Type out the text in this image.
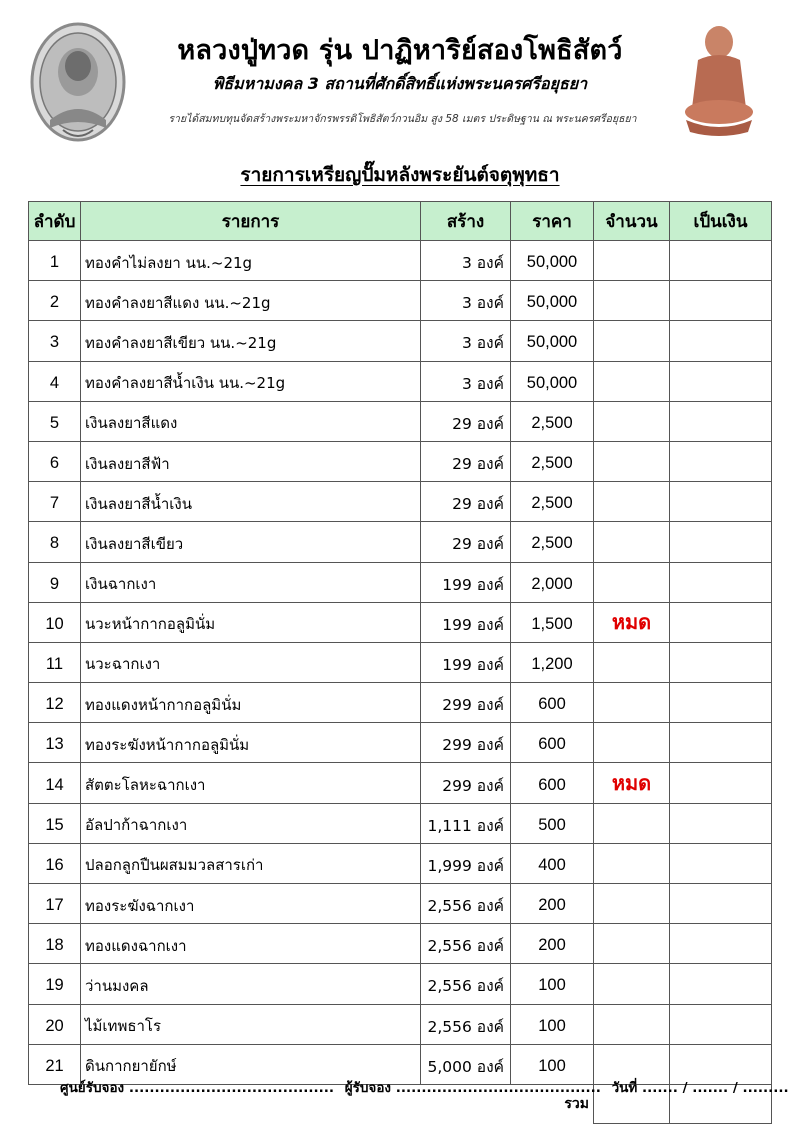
หลวงปู่ทวด รุ่น ปาฏิหาริย์สองโพธิสัตว์
พิธีมหามงคล 3 สถานที่ศักดิ์สิทธิ์แห่งพระนครศรีอยุธยา
รายได้สมทบทุนจัดสร้างพระมหาจักรพรรดิโพธิสัตว์กวนอิม สูง 58 เมตร ประดิษฐาน ณ พระนครศรีอยุธยา
รายการเหรียญปั๊มหลังพระยันต์จตุพุทธา
ลำดับ	รายการ	สร้าง	ราคา	จำนวน	เป็นเงิน
1	ทองคำไม่ลงยา นน.~21g	3 องค์	50,000		
2	ทองคำลงยาสีแดง นน.~21g	3 องค์	50,000		
3	ทองคำลงยาสีเขียว นน.~21g	3 องค์	50,000		
4	ทองคำลงยาสีน้ำเงิน นน.~21g	3 องค์	50,000		
5	เงินลงยาสีแดง	29 องค์	2,500		
6	เงินลงยาสีฟ้า	29 องค์	2,500		
7	เงินลงยาสีน้ำเงิน	29 องค์	2,500		
8	เงินลงยาสีเขียว	29 องค์	2,500		
9	เงินฉากเงา	199 องค์	2,000		
10	นวะหน้ากากอลูมินั่ม	199 องค์	1,500	หมด	
11	นวะฉากเงา	199 องค์	1,200		
12	ทองแดงหน้ากากอลูมินั่ม	299 องค์	600		
13	ทองระฆังหน้ากากอลูมินั่ม	299 องค์	600		
14	สัตตะโลหะฉากเงา	299 องค์	600	หมด	
15	อัลปาก้าฉากเงา	1,111 องค์	500		
16	ปลอกลูกปืนผสมมวลสารเก่า	1,999 องค์	400		
17	ทองระฆังฉากเงา	2,556 องค์	200		
18	ทองแดงฉากเงา	2,556 องค์	200		
19	ว่านมงคล	2,556 องค์	100		
20	ไม้เทพธาโร	2,556 องค์	100		
21	ดินกากยายักษ์	5,000 องค์	100		
			รวม		
ศูนย์รับจอง ........................................ ผู้รับจอง ........................................ วันที่ ....... / ....... / .........
